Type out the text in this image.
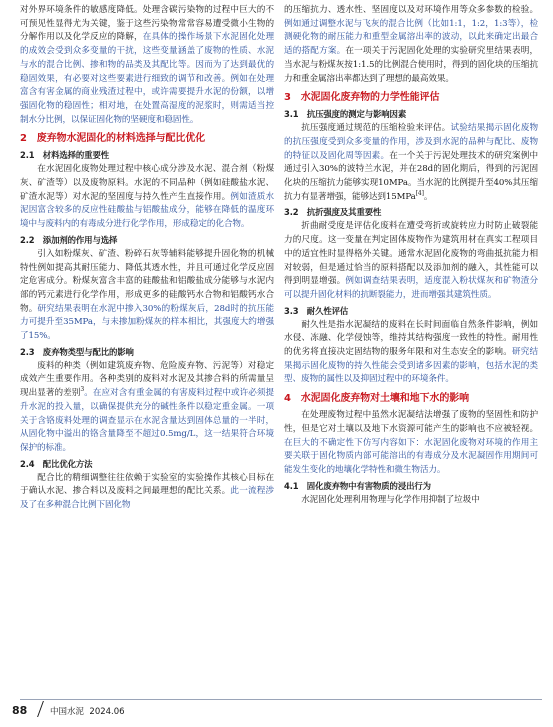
对外界环境条件的敏感度降低。处理含碳污染物的过程中巨大的不可预见性显得尤为关键，鉴于这些污染物常常容易遭受微小生物的分解作用以及化学反应的降解，在具体的操作场景下水泥固化处理的成效会受到众多变量的干扰，这些变量涵盖了废物的性质、水泥与水的混合比例、掺和物的品类及其配比等。因而为了达到最优的稳固效果，有必要对这些要素进行细致的调节和改善。例如在处理富含有害金属的商业残渣过程中，或许需要提升水泥的份额，以增强固化物的稳固性；相对地，在处置高湿度的泥浆时，则需适当控制水分比例，以保证固化物的坚硬度和稳固性。

2　废弃物水泥固化的材料选择与配比优化
2.1　材料选择的重要性

在水泥固化废物处理过程中核心成分涉及水泥、混合剂（粉煤灰、矿渣等）以及废物原料。水泥的不同品种（例如硅酸盐水泥、矿渣水泥等）对水泥的坚固度与持久性产生直接作用。例如渣质水泥因富含较多的反应性硅酸盐与铝酸盐成分，能够在降低的温度环境中与废料内的有毒成分进行化学作用，形成稳定的化合物。

2.2　添加剂的作用与选择

引入如粉煤灰、矿渣、粉碎石灰等辅料能够提升固化物的机械特性例如提高其耐压能力、降低其透水性，并且可通过化学反应固定危害成分。粉煤灰富含丰富的硅酸盐和铝酸盐成分能够与水泥内部的钙元素进行化学作用，形成更多的硅酸钙水合物和铝酸钙水合物。研究结果表明在水泥中掺入30%的粉煤灰后，28d时的抗压能力可提升至35MPa，与未掺加粉煤灰的样本相比，其强度大约增强了15%。

2.3　废弃物类型与配比的影响

废料的种类（例如建筑废弃物、危险废弃物、污泥等）对稳定成效产生重要作用。各种类别的废料对水泥及其掺合料的所需量呈现出显著的差别$^3$。在应对含有重金属的有害废料过程中或许必须提升水泥的投入量，以确保提供充分的碱性条件以稳定重金属。一项关于含铬废料处理的调查显示在水泥含量达到固体总量的一半时，从固化物中溢出的铬含量降至不超过0.5mg/L，这一结果符合环境保护的标准。

2.4　配比优化方法

配合比的精细调整往往依赖于实验室的实验操作其核心目标在于确认水泥、掺合料以及废料之间最理想的配比关系。此一流程涉及了在多种混合比例下固化物

的压缩抗力、透水性、坚固度以及对环境作用等众多参数的检验。例如通过调整水泥与飞灰的混合比例（比如1:1，1:2，1:3等），检测硬化物的耐压能力和重型金属溶出率的波动，以此来确定出最合适的搭配方案。在一项关于污泥固化处理的实验研究里结果表明，当水泥与粉煤灰按1:1.5的比例混合使用时，得到的固化块的压缩抗力和重金属溶出率都达到了理想的最高效果。

3　水泥固化废弃物的力学性能评估
3.1　抗压强度的测定与影响因素

抗压强度通过规范的压缩检验来评估。试验结果揭示固化废物的抗压强度受到众多变量的作用，涉及到水泥的品种与配比、废物的特征以及固化周等因素。在一个关于污泥处理技术的研究案例中通过引入30%的波特兰水泥，并在28d的固化期后，得到的污泥固化块的压缩抗力能够实现10MPa。当水泥的比例提升至40%其压缩抗力有显著增强，能够达到15MPa[4]。

3.2　抗折强度及其重要性

折曲耐受度是评估化废料在遭受弯折或旋转应力时防止破裂能力的尺度。这一变量在判定固体废物作为建筑用材在真实工程项目中的适宜性时显得格外关键。通常水泥固化废物的弯曲抵抗能力相对较弱，但是通过恰当的原料搭配以及添加剂的融入，其性能可以得到明显增强。例如调查结果表明，适度混入粉状煤灰和矿物渣分可以提升固化材料的抗断裂能力，进而增强其建筑性质。

3.3　耐久性评估

耐久性是指水泥凝结的废料在长时间面临自然条件影响，例如水侵、冻融、化学侵蚀等，维持其结构强度一致性的特性。耐用性的优劣将直接决定固结物的服务年限和对生态安全的影响。研究结果揭示固化废物的持久性能会受到诸多因素的影响，包括水泥的类型、废物的属性以及抑固过程中的环境条件。

4　水泥固化废弃物对土壤和地下水的影响

在处理废物过程中虽然水泥凝结法增强了废物的坚固性和防护性，但是它对土壤以及地下水资源可能产生的影响也不应被轻视。在巨大的不确定性下仿写内容如下：水泥固化废物对环境的作用主要关联于固化物质内部可能溶出的有毒成分及水泥凝固作用期间可能发生变化的地壤化学特性和微生物活力。

4.1　固化废弃物中有害物质的浸出行为

水泥固化处理利用物理与化学作用抑制了垃圾中

88	中国水泥 2024.06
